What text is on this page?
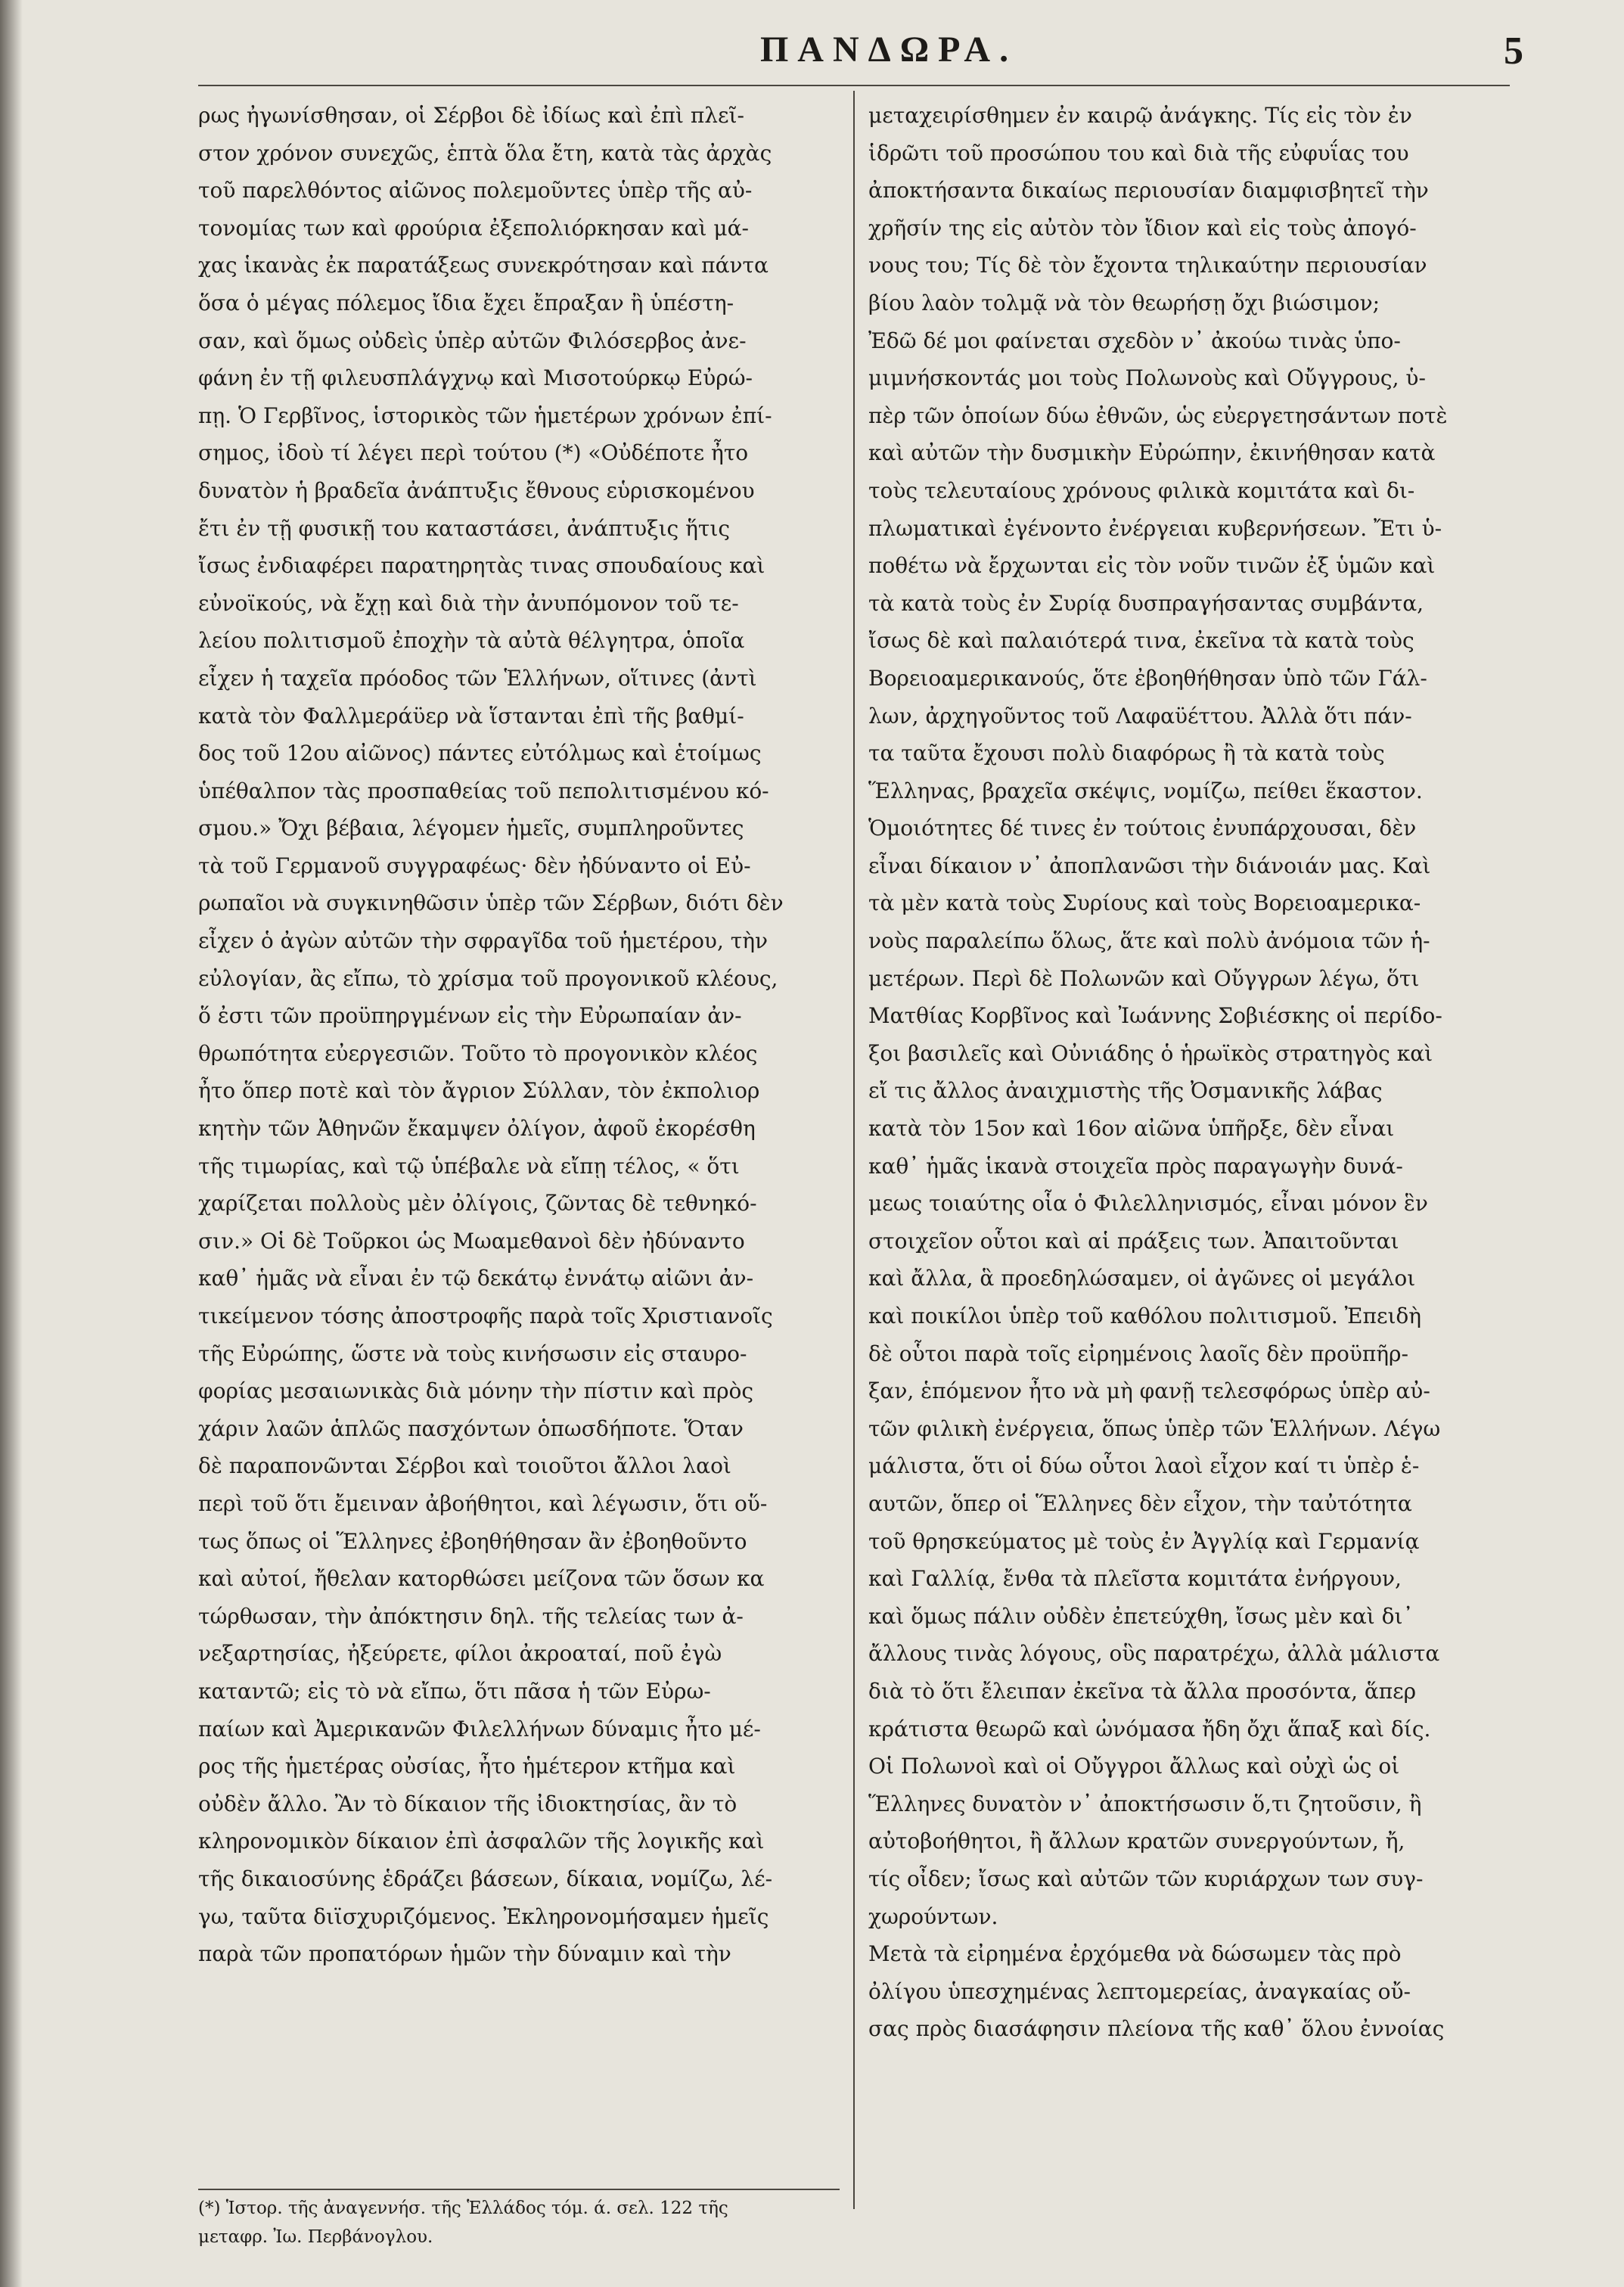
ΠΑΝΔΩΡΑ.	5
ρως ἠγωνίσθησαν, οἱ Σέρβοι δὲ ἰδίως καὶ ἐπὶ πλεῖ-
στον χρόνον συνεχῶς, ἑπτὰ ὅλα ἔτη, κατὰ τὰς ἀρχὰς
τοῦ παρελθόντος αἰῶνος πολεμοῦντες ὑπὲρ τῆς αὐ-
τονομίας των καὶ φρούρια ἐξεπολιόρκησαν καὶ μά-
χας ἱκανὰς ἐκ παρατάξεως συνεκρότησαν καὶ πάντα
ὅσα ὁ μέγας πόλεμος ἴδια ἔχει ἔπραξαν ἢ ὑπέστη-
σαν, καὶ ὅμως οὐδεὶς ὑπὲρ αὐτῶν Φιλόσερβος ἀνε-
φάνη ἐν τῇ φιλευσπλάγχνῳ καὶ Μισοτούρκῳ Εὐρώ-
πῃ. Ὁ Γερβῖνος, ἱστορικὸς τῶν ἡμετέρων χρόνων ἐπί-
σημος, ἰδοὺ τί λέγει περὶ τούτου (*) «Οὐδέποτε ἦτο
δυνατὸν ἡ βραδεῖα ἀνάπτυξις ἔθνους εὑρισκομένου
ἔτι ἐν τῇ φυσικῇ του καταστάσει, ἀνάπτυξις ἥτις
ἴσως ἐνδιαφέρει παρατηρητὰς τινας σπουδαίους καὶ
εὐνοϊκούς, νὰ ἔχῃ καὶ διὰ τὴν ἀνυπόμονον τοῦ τε-
λείου πολιτισμοῦ ἐποχὴν τὰ αὐτὰ θέλγητρα, ὁποῖα
εἶχεν ἡ ταχεῖα πρόοδος τῶν Ἑλλήνων, οἵτινες (ἀντὶ
κατὰ τὸν Φαλλμεράϋερ νὰ ἵστανται ἐπὶ τῆς βαθμί-
δος τοῦ 12ου αἰῶνος) πάντες εὐτόλμως καὶ ἑτοίμως
ὑπέθαλπον τὰς προσπαθείας τοῦ πεπολιτισμένου κό-
σμου.» Ὄχι βέβαια, λέγομεν ἡμεῖς, συμπληροῦντες
τὰ τοῦ Γερμανοῦ συγγραφέως· δὲν ἠδύναντο οἱ Εὐ-
ρωπαῖοι νὰ συγκινηθῶσιν ὑπὲρ τῶν Σέρβων, διότι δὲν
εἶχεν ὁ ἀγὼν αὐτῶν τὴν σφραγῖδα τοῦ ἡμετέρου, τὴν
εὐλογίαν, ἂς εἴπω, τὸ χρίσμα τοῦ προγονικοῦ κλέους,
ὅ ἐστι τῶν προϋπηργμένων εἰς τὴν Εὐρωπαίαν ἀν-
θρωπότητα εὐεργεσιῶν. Τοῦτο τὸ προγονικὸν κλέος
ἦτο ὅπερ ποτὲ καὶ τὸν ἄγριον Σύλλαν, τὸν ἐκπολιορ
κητὴν τῶν Ἀθηνῶν ἔκαμψεν ὀλίγον, ἀφοῦ ἐκορέσθη
τῆς τιμωρίας, καὶ τῷ ὑπέβαλε νὰ εἴπῃ τέλος, « ὅτι
χαρίζεται πολλοὺς μὲν ὀλίγοις, ζῶντας δὲ τεθνηκό-
σιν.» Οἱ δὲ Τοῦρκοι ὡς Μωαμεθανοὶ δὲν ἠδύναντο
καθ᾽ ἡμᾶς νὰ εἶναι ἐν τῷ δεκάτῳ ἐννάτῳ αἰῶνι ἀν-
τικείμενον τόσης ἀποστροφῆς παρὰ τοῖς Χριστιανοῖς
τῆς Εὐρώπης, ὥστε νὰ τοὺς κινήσωσιν εἰς σταυρο-
φορίας μεσαιωνικὰς διὰ μόνην τὴν πίστιν καὶ πρὸς
χάριν λαῶν ἁπλῶς πασχόντων ὁπωσδήποτε. Ὅταν
δὲ παραπονῶνται Σέρβοι καὶ τοιοῦτοι ἄλλοι λαοὶ
περὶ τοῦ ὅτι ἔμειναν ἀβοήθητοι, καὶ λέγωσιν, ὅτι οὕ-
τως ὅπως οἱ Ἕλληνες ἐβοηθήθησαν ἂν ἐβοηθοῦντο
καὶ αὐτοί, ἤθελαν κατορθώσει μείζονα τῶν ὅσων κα
τώρθωσαν, τὴν ἀπόκτησιν δηλ. τῆς τελείας των ἀ-
νεξαρτησίας, ἠξεύρετε, φίλοι ἀκροαταί, ποῦ ἐγὼ
καταντῶ; εἰς τὸ νὰ εἴπω, ὅτι πᾶσα ἡ τῶν Εὐρω-
παίων καὶ Ἀμερικανῶν Φιλελλήνων δύναμις ἦτο μέ-
ρος τῆς ἡμετέρας οὐσίας, ἦτο ἡμέτερον κτῆμα καὶ
οὐδὲν ἄλλο. Ἂν τὸ δίκαιον τῆς ἰδιοκτησίας, ἂν τὸ
κληρονομικὸν δίκαιον ἐπὶ ἀσφαλῶν τῆς λογικῆς καὶ
τῆς δικαιοσύνης ἑδράζει βάσεων, δίκαια, νομίζω, λέ-
γω, ταῦτα διϊσχυριζόμενος. Ἐκληρονομήσαμεν ἡμεῖς
παρὰ τῶν προπατόρων ἡμῶν τὴν δύναμιν καὶ τὴν
μεταχειρίσθημεν ἐν καιρῷ ἀνάγκης. Τίς εἰς τὸν ἐν
ἱδρῶτι τοῦ προσώπου του καὶ διὰ τῆς εὐφυΐας του
ἀποκτήσαντα δικαίως περιουσίαν διαμφισβητεῖ τὴν
χρῆσίν της εἰς αὐτὸν τὸν ἴδιον καὶ εἰς τοὺς ἀπογό-
νους του; Τίς δὲ τὸν ἔχοντα τηλικαύτην περιουσίαν
βίου λαὸν τολμᾷ νὰ τὸν θεωρήσῃ ὄχι βιώσιμον;
Ἐδῶ δέ μοι φαίνεται σχεδὸν ν᾽ ἀκούω τινὰς ὑπο-
μιμνήσκοντάς μοι τοὺς Πολωνοὺς καὶ Οὔγγρους, ὑ-
πὲρ τῶν ὁποίων δύω ἐθνῶν, ὡς εὐεργετησάντων ποτὲ
καὶ αὐτῶν τὴν δυσμικὴν Εὐρώπην, ἐκινήθησαν κατὰ
τοὺς τελευταίους χρόνους φιλικὰ κομιτάτα καὶ δι-
πλωματικαὶ ἐγένοντο ἐνέργειαι κυβερνήσεων. Ἔτι ὑ-
ποθέτω νὰ ἔρχωνται εἰς τὸν νοῦν τινῶν ἐξ ὑμῶν καὶ
τὰ κατὰ τοὺς ἐν Συρίᾳ δυσπραγήσαντας συμβάντα,
ἴσως δὲ καὶ παλαιότερά τινα, ἐκεῖνα τὰ κατὰ τοὺς
Βορειοαμερικανούς, ὅτε ἐβοηθήθησαν ὑπὸ τῶν Γάλ-
λων, ἀρχηγοῦντος τοῦ Λαφαϋέττου. Ἀλλὰ ὅτι πάν-
τα ταῦτα ἔχουσι πολὺ διαφόρως ἢ τὰ κατὰ τοὺς
Ἕλληνας, βραχεῖα σκέψις, νομίζω, πείθει ἕκαστον.
Ὁμοιότητες δέ τινες ἐν τούτοις ἐνυπάρχουσαι, δὲν
εἶναι δίκαιον ν᾽ ἀποπλανῶσι τὴν διάνοιάν μας. Καὶ
τὰ μὲν κατὰ τοὺς Συρίους καὶ τοὺς Βορειοαμερικα-
νοὺς παραλείπω ὅλως, ἅτε καὶ πολὺ ἀνόμοια τῶν ἡ-
μετέρων. Περὶ δὲ Πολωνῶν καὶ Οὔγγρων λέγω, ὅτι
Ματθίας Κορβῖνος καὶ Ἰωάννης Σοβιέσκης οἱ περίδο-
ξοι βασιλεῖς καὶ Οὐνιάδης ὁ ἡρωϊκὸς στρατηγὸς καὶ
εἴ τις ἄλλος ἀναιχμιστὴς τῆς Ὀσμανικῆς λάβας
κατὰ τὸν 15ον καὶ 16ον αἰῶνα ὑπῆρξε, δὲν εἶναι
καθ᾽ ἡμᾶς ἱκανὰ στοιχεῖα πρὸς παραγωγὴν δυνά-
μεως τοιαύτης οἷα ὁ Φιλελληνισμός, εἶναι μόνον ἓν
στοιχεῖον οὗτοι καὶ αἱ πράξεις των. Ἀπαιτοῦνται
καὶ ἄλλα, ἃ προεδηλώσαμεν, οἱ ἀγῶνες οἱ μεγάλοι
καὶ ποικίλοι ὑπὲρ τοῦ καθόλου πολιτισμοῦ. Ἐπειδὴ
δὲ οὗτοι παρὰ τοῖς εἰρημένοις λαοῖς δὲν προϋπῆρ-
ξαν, ἑπόμενον ἦτο νὰ μὴ φανῇ τελεσφόρως ὑπὲρ αὐ-
τῶν φιλικὴ ἐνέργεια, ὅπως ὑπὲρ τῶν Ἑλλήνων. Λέγω
μάλιστα, ὅτι οἱ δύω οὗτοι λαοὶ εἶχον καί τι ὑπὲρ ἑ-
αυτῶν, ὅπερ οἱ Ἕλληνες δὲν εἶχον, τὴν ταὐτότητα
τοῦ θρησκεύματος μὲ τοὺς ἐν Ἀγγλίᾳ καὶ Γερμανίᾳ
καὶ Γαλλίᾳ, ἔνθα τὰ πλεῖστα κομιτάτα ἐνήργουν,
καὶ ὅμως πάλιν οὐδὲν ἐπετεύχθη, ἴσως μὲν καὶ δι᾽
ἄλλους τινὰς λόγους, οὓς παρατρέχω, ἀλλὰ μάλιστα
διὰ τὸ ὅτι ἔλειπαν ἐκεῖνα τὰ ἄλλα προσόντα, ἅπερ
κράτιστα θεωρῶ καὶ ὠνόμασα ἤδη ὄχι ἅπαξ καὶ δίς.
Οἱ Πολωνοὶ καὶ οἱ Οὔγγροι ἄλλως καὶ οὐχὶ ὡς οἱ
Ἕλληνες δυνατὸν ν᾽ ἀποκτήσωσιν ὅ,τι ζητοῦσιν, ἢ
αὐτοβοήθητοι, ἢ ἄλλων κρατῶν συνεργούντων, ἤ,
τίς οἶδεν; ἴσως καὶ αὐτῶν τῶν κυριάρχων των συγ-
χωρούντων.
Μετὰ τὰ εἰρημένα ἐρχόμεθα νὰ δώσωμεν τὰς πρὸ
ὀλίγου ὑπεσχημένας λεπτομερείας, ἀναγκαίας οὔ-
σας πρὸς διασάφησιν πλείονα τῆς καθ᾽ ὅλου ἐννοίας
(*) Ἱστορ. τῆς ἀναγεννήσ. τῆς Ἑλλάδος τόμ. ά. σελ. 122 τῆς
μεταφρ. Ἰω. Περβάνογλου.
